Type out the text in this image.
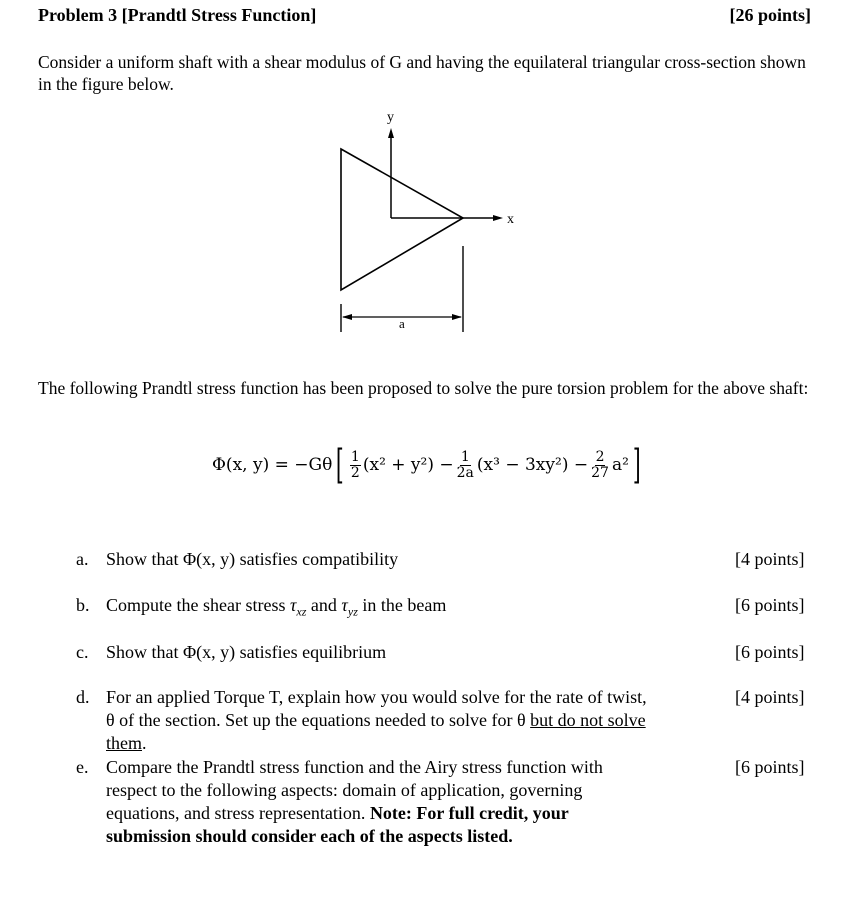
Problem 3 [Prandtl Stress Function]	[26 points]
Consider a uniform shaft with a shear modulus of G and having the equilateral triangular cross-section shown in the figure below.
y
x
a
The following Prandtl stress function has been proposed to solve the pure torsion problem for the above shaft:
Φ(x, y) = −Gθ [ $\frac{1}{2} (x^2 + y^2) - \frac{1}{2a} (x^3 - 3xy^2) - \frac{2}{27} a^2$ ]
a. Show that Φ(x, y) satisfies compatibility	[4 points]
b. Compute the shear stress $\tau_{xz}$ and $\tau_{yz}$ in the beam	[6 points]
c. Show that Φ(x, y) satisfies equilibrium	[6 points]
d. For an applied Torque T, explain how you would solve for the rate of twist,
θ of the section. Set up the equations needed to solve for θ but do not solve
them.
[4 points]
e. Compare the Prandtl stress function and the Airy stress function with respect to the following aspects: domain of application, governing equations, and stress representation. Note: For full credit, your submission should consider each of the aspects listed.
[6 points]
